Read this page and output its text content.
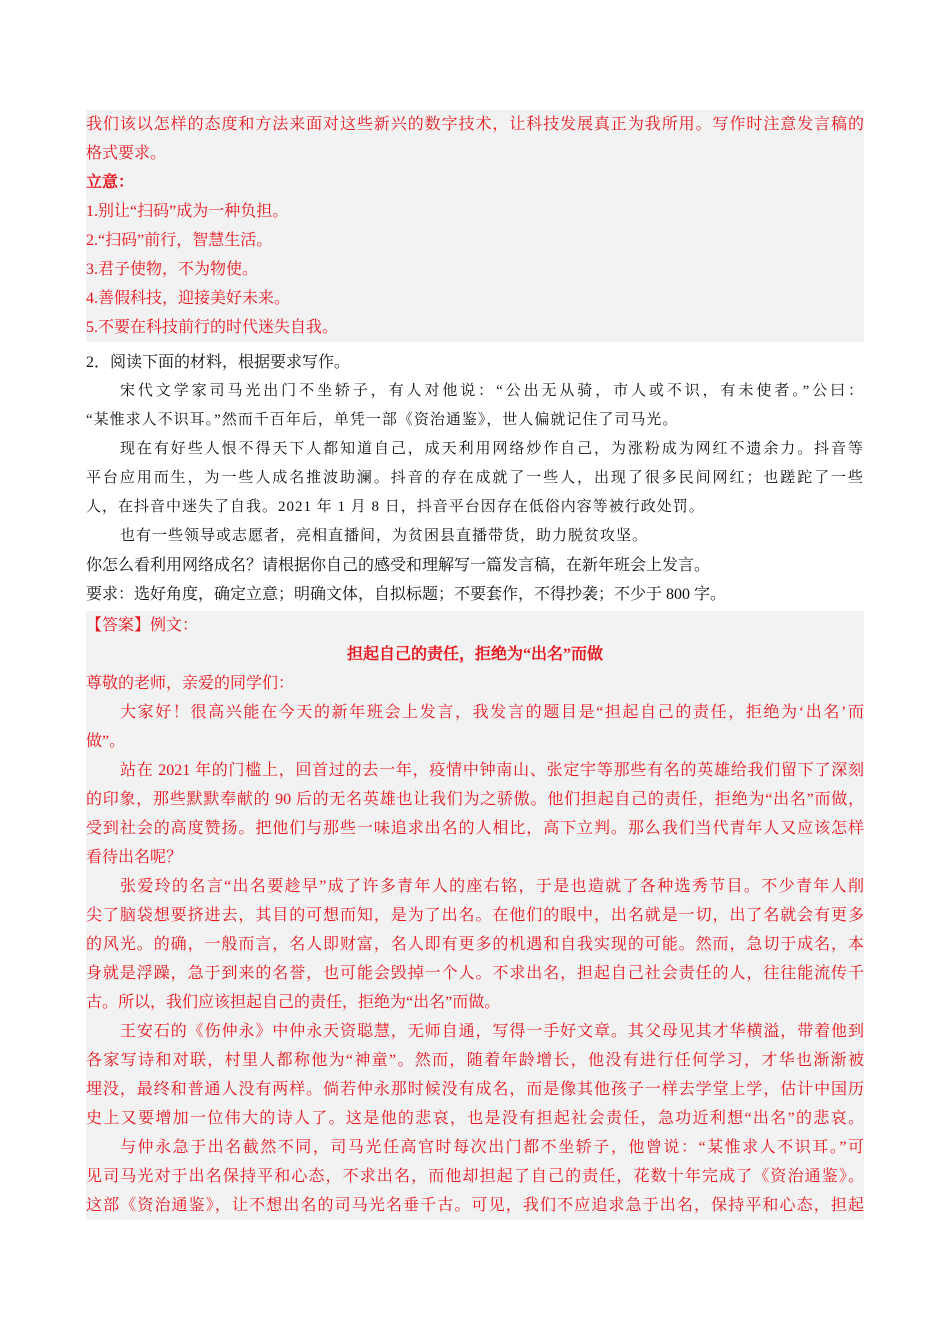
我们该以怎样的态度和方法来面对这些新兴的数字技术，让科技发展真正为我所用。写作时注意发言稿的
格式要求。
立意：
1.别让“扫码”成为一种负担。
2.“扫码”前行，智慧生活。
3.君子使物，不为物使。
4.善假科技，迎接美好未来。
5.不要在科技前行的时代迷失自我。
2．阅读下面的材料，根据要求写作。
宋代文学家司马光出门不坐轿子，有人对他说：“公出无从骑，市人或不识，有未使者。”公曰：
“某惟求人不识耳。”然而千百年后，单凭一部《资治通鉴》，世人偏就记住了司马光。
现在有好些人恨不得天下人都知道自己，成天利用网络炒作自己，为涨粉成为网红不遗余力。抖音等
平台应用而生，为一些人成名推波助澜。抖音的存在成就了一些人，出现了很多民间网红；也蹉跎了一些
人，在抖音中迷失了自我。2021 年 1 月 8 日，抖音平台因存在低俗内容等被行政处罚。
也有一些领导或志愿者，亮相直播间，为贫困县直播带货，助力脱贫攻坚。
你怎么看利用网络成名？请根据你自己的感受和理解写一篇发言稿，在新年班会上发言。
要求：选好角度，确定立意；明确文体，自拟标题；不要套作，不得抄袭；不少于 800 字。
【答案】例文：
担起自己的责任，拒绝为“出名”而做
尊敬的老师，亲爱的同学们：
大家好！很高兴能在今天的新年班会上发言，我发言的题目是“担起自己的责任，拒绝为‘出名’而
做”。
站在 2021 年的门槛上，回首过的去一年，疫情中钟南山、张定宇等那些有名的英雄给我们留下了深刻
的印象，那些默默奉献的 90 后的无名英雄也让我们为之骄傲。他们担起自己的责任，拒绝为“出名”而做，
受到社会的高度赞扬。把他们与那些一味追求出名的人相比，高下立判。那么我们当代青年人又应该怎样
看待出名呢？
张爱玲的名言“出名要趁早”成了许多青年人的座右铭，于是也造就了各种选秀节目。不少青年人削
尖了脑袋想要挤进去，其目的可想而知，是为了出名。在他们的眼中，出名就是一切，出了名就会有更多
的风光。的确，一般而言，名人即财富，名人即有更多的机遇和自我实现的可能。然而，急切于成名，本
身就是浮躁，急于到来的名誉，也可能会毁掉一个人。不求出名，担起自己社会责任的人，往往能流传千
古。所以，我们应该担起自己的责任，拒绝为“出名”而做。
王安石的《伤仲永》中仲永天资聪慧，无师自通，写得一手好文章。其父母见其才华横溢，带着他到
各家写诗和对联，村里人都称他为“神童”。然而，随着年龄增长，他没有进行任何学习，才华也渐渐被
埋没，最终和普通人没有两样。倘若仲永那时候没有成名，而是像其他孩子一样去学堂上学，估计中国历
史上又要增加一位伟大的诗人了。这是他的悲哀，也是没有担起社会责任，急功近利想“出名”的悲哀。
与仲永急于出名截然不同，司马光任高官时每次出门都不坐轿子，他曾说：“某惟求人不识耳。”可
见司马光对于出名保持平和心态，不求出名，而他却担起了自己的责任，花数十年完成了《资治通鉴》。
这部《资治通鉴》，让不想出名的司马光名垂千古。可见，我们不应追求急于出名，保持平和心态，担起
